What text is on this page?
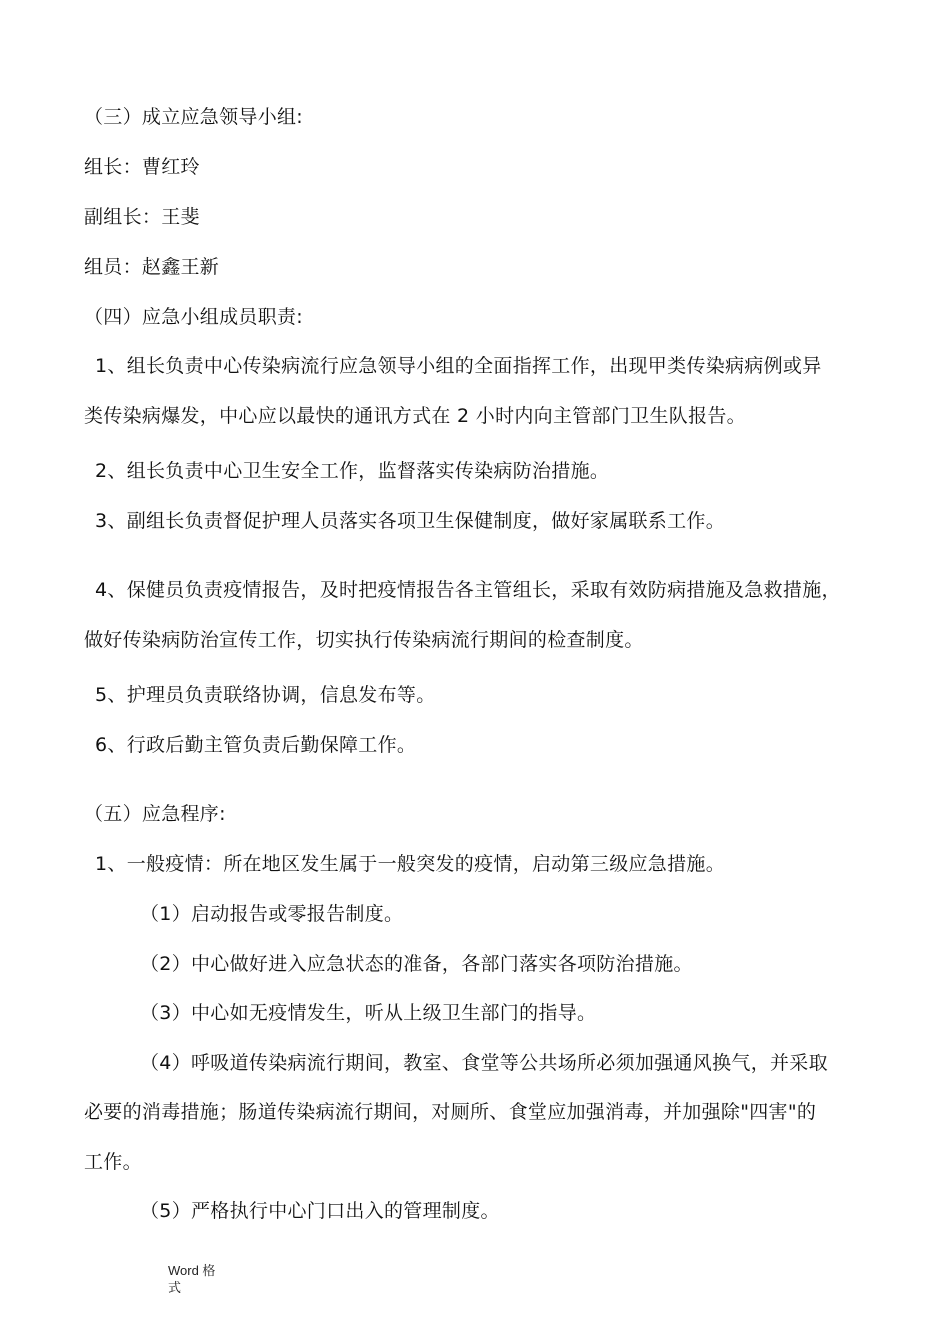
（三）成立应急领导小组:
组长：曹红玲
副组长：王斐
组员：赵鑫王新
（四）应急小组成员职责:
1、组长负责中心传染病流行应急领导小组的全面指挥工作，出现甲类传染病病例或异
类传染病爆发，中心应以最快的通讯方式在 2 小时内向主管部门卫生队报告。
2、组长负责中心卫生安全工作，监督落实传染病防治措施。
3、副组长负责督促护理人员落实各项卫生保健制度，做好家属联系工作。
4、保健员负责疫情报告，及时把疫情报告各主管组长，采取有效防病措施及急救措施，
做好传染病防治宣传工作，切实执行传染病流行期间的检查制度。
5、护理员负责联络协调，信息发布等。
6、行政后勤主管负责后勤保障工作。
（五）应急程序:
1、一般疫情：所在地区发生属于一般突发的疫情，启动第三级应急措施。
（1）启动报告或零报告制度。
（2）中心做好进入应急状态的准备，各部门落实各项防治措施。
（3）中心如无疫情发生，听从上级卫生部门的指导。
（4）呼吸道传染病流行期间，教室、食堂等公共场所必须加强通风换气，并采取
必要的消毒措施；肠道传染病流行期间，对厕所、食堂应加强消毒，并加强除"四害"的
工作。
（5）严格执行中心门口出入的管理制度。
Word 格
式
